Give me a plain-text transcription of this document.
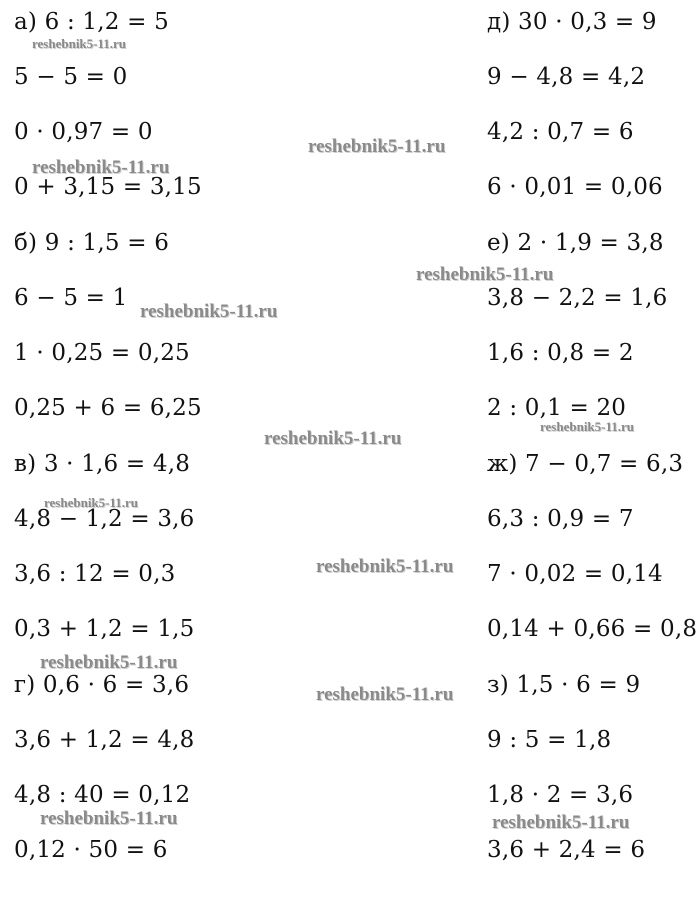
а) 6 : 1,2 = 5
5 − 5 = 0
0 · 0,97 = 0
0 + 3,15 = 3,15
б) 9 : 1,5 = 6
6 − 5 = 1
1 · 0,25 = 0,25
0,25 + 6 = 6,25
в) 3 · 1,6 = 4,8
4,8 − 1,2 = 3,6
3,6 : 12 = 0,3
0,3 + 1,2 = 1,5
г) 0,6 · 6 = 3,6
3,6 + 1,2 = 4,8
4,8 : 40 = 0,12
0,12 · 50 = 6
д) 30 · 0,3 = 9
9 − 4,8 = 4,2
4,2 : 0,7 = 6
6 · 0,01 = 0,06
е) 2 · 1,9 = 3,8
3,8 − 2,2 = 1,6
1,6 : 0,8 = 2
2 : 0,1 = 20
ж) 7 − 0,7 = 6,3
6,3 : 0,9 = 7
7 · 0,02 = 0,14
0,14 + 0,66 = 0,8
з) 1,5 · 6 = 9
9 : 5 = 1,8
1,8 · 2 = 3,6
3,6 + 2,4 = 6
reshebnik5-11.ru
reshebnik5-11.ru
reshebnik5-11.ru
reshebnik5-11.ru
reshebnik5-11.ru
reshebnik5-11.ru
reshebnik5-11.ru
reshebnik5-11.ru
reshebnik5-11.ru
reshebnik5-11.ru
reshebnik5-11.ru
reshebnik5-11.ru	reshebnik5-11.ru
